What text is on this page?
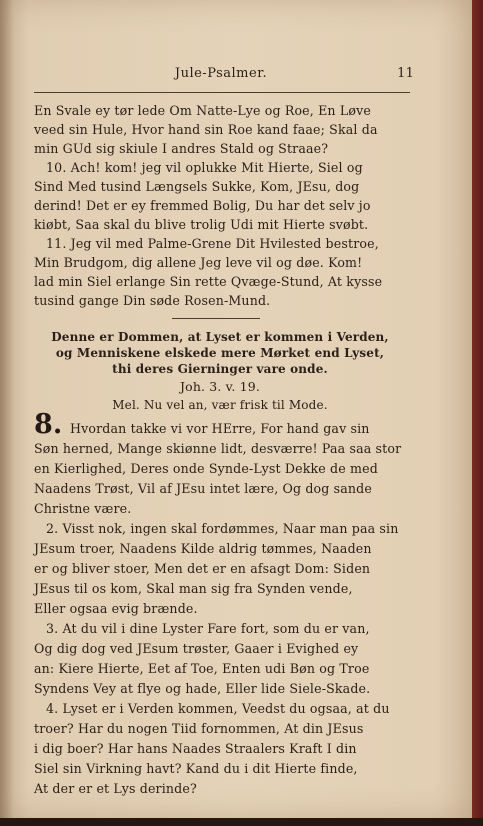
Jule-Psalmer.	11
En Svale ey tør lede Om Natte-Lye og Roe, En Løve
veed sin Hule, Hvor hand sin Roe kand faae; Skal da
min GUd sig skiule I andres Stald og Straae?
10. Ach! kom! jeg vil oplukke Mit Hierte, Siel og
Sind Med tusind Længsels Sukke, Kom, JEsu, dog
derind! Det er ey fremmed Bolig, Du har det selv jo
kiøbt, Saa skal du blive trolig Udi mit Hierte svøbt.
11. Jeg vil med Palme-Grene Dit Hvilested bestroe,
Min Brudgom, dig allene Jeg leve vil og døe. Kom!
lad min Siel erlange Sin rette Qvæge-Stund, At kysse
tusind gange Din søde Rosen-Mund.
Denne er Dommen, at Lyset er kommen i Verden,
og Menniskene elskede mere Mørket end Lyset,
thi deres Gierninger vare onde.
Joh. 3. v. 19.
Mel. Nu vel an, vær frisk til Mode.
8. Hvordan takke vi vor HErre, For hand gav sin
Søn herned, Mange skiønne lidt, desværre! Paa saa stor
en Kierlighed, Deres onde Synde-Lyst Dekke de med
Naadens Trøst, Vil af JEsu intet lære, Og dog sande
Christne være.
2. Visst nok, ingen skal fordømmes, Naar man paa sin
JEsum troer, Naadens Kilde aldrig tømmes, Naaden
er og bliver stoer, Men det er en afsagt Dom: Siden
JEsus til os kom, Skal man sig fra Synden vende,
Eller ogsaa evig brænde.
3. At du vil i dine Lyster Fare fort, som du er van,
Og dig dog ved JEsum trøster, Gaaer i Evighed ey
an: Kiere Hierte, Eet af Toe, Enten udi Bøn og Troe
Syndens Vey at flye og hade, Eller lide Siele-Skade.
4. Lyset er i Verden kommen, Veedst du ogsaa, at du
troer? Har du nogen Tiid fornommen, At din JEsus
i dig boer? Har hans Naades Straalers Kraft I din
Siel sin Virkning havt? Kand du i dit Hierte finde,
At der er et Lys derinde?
